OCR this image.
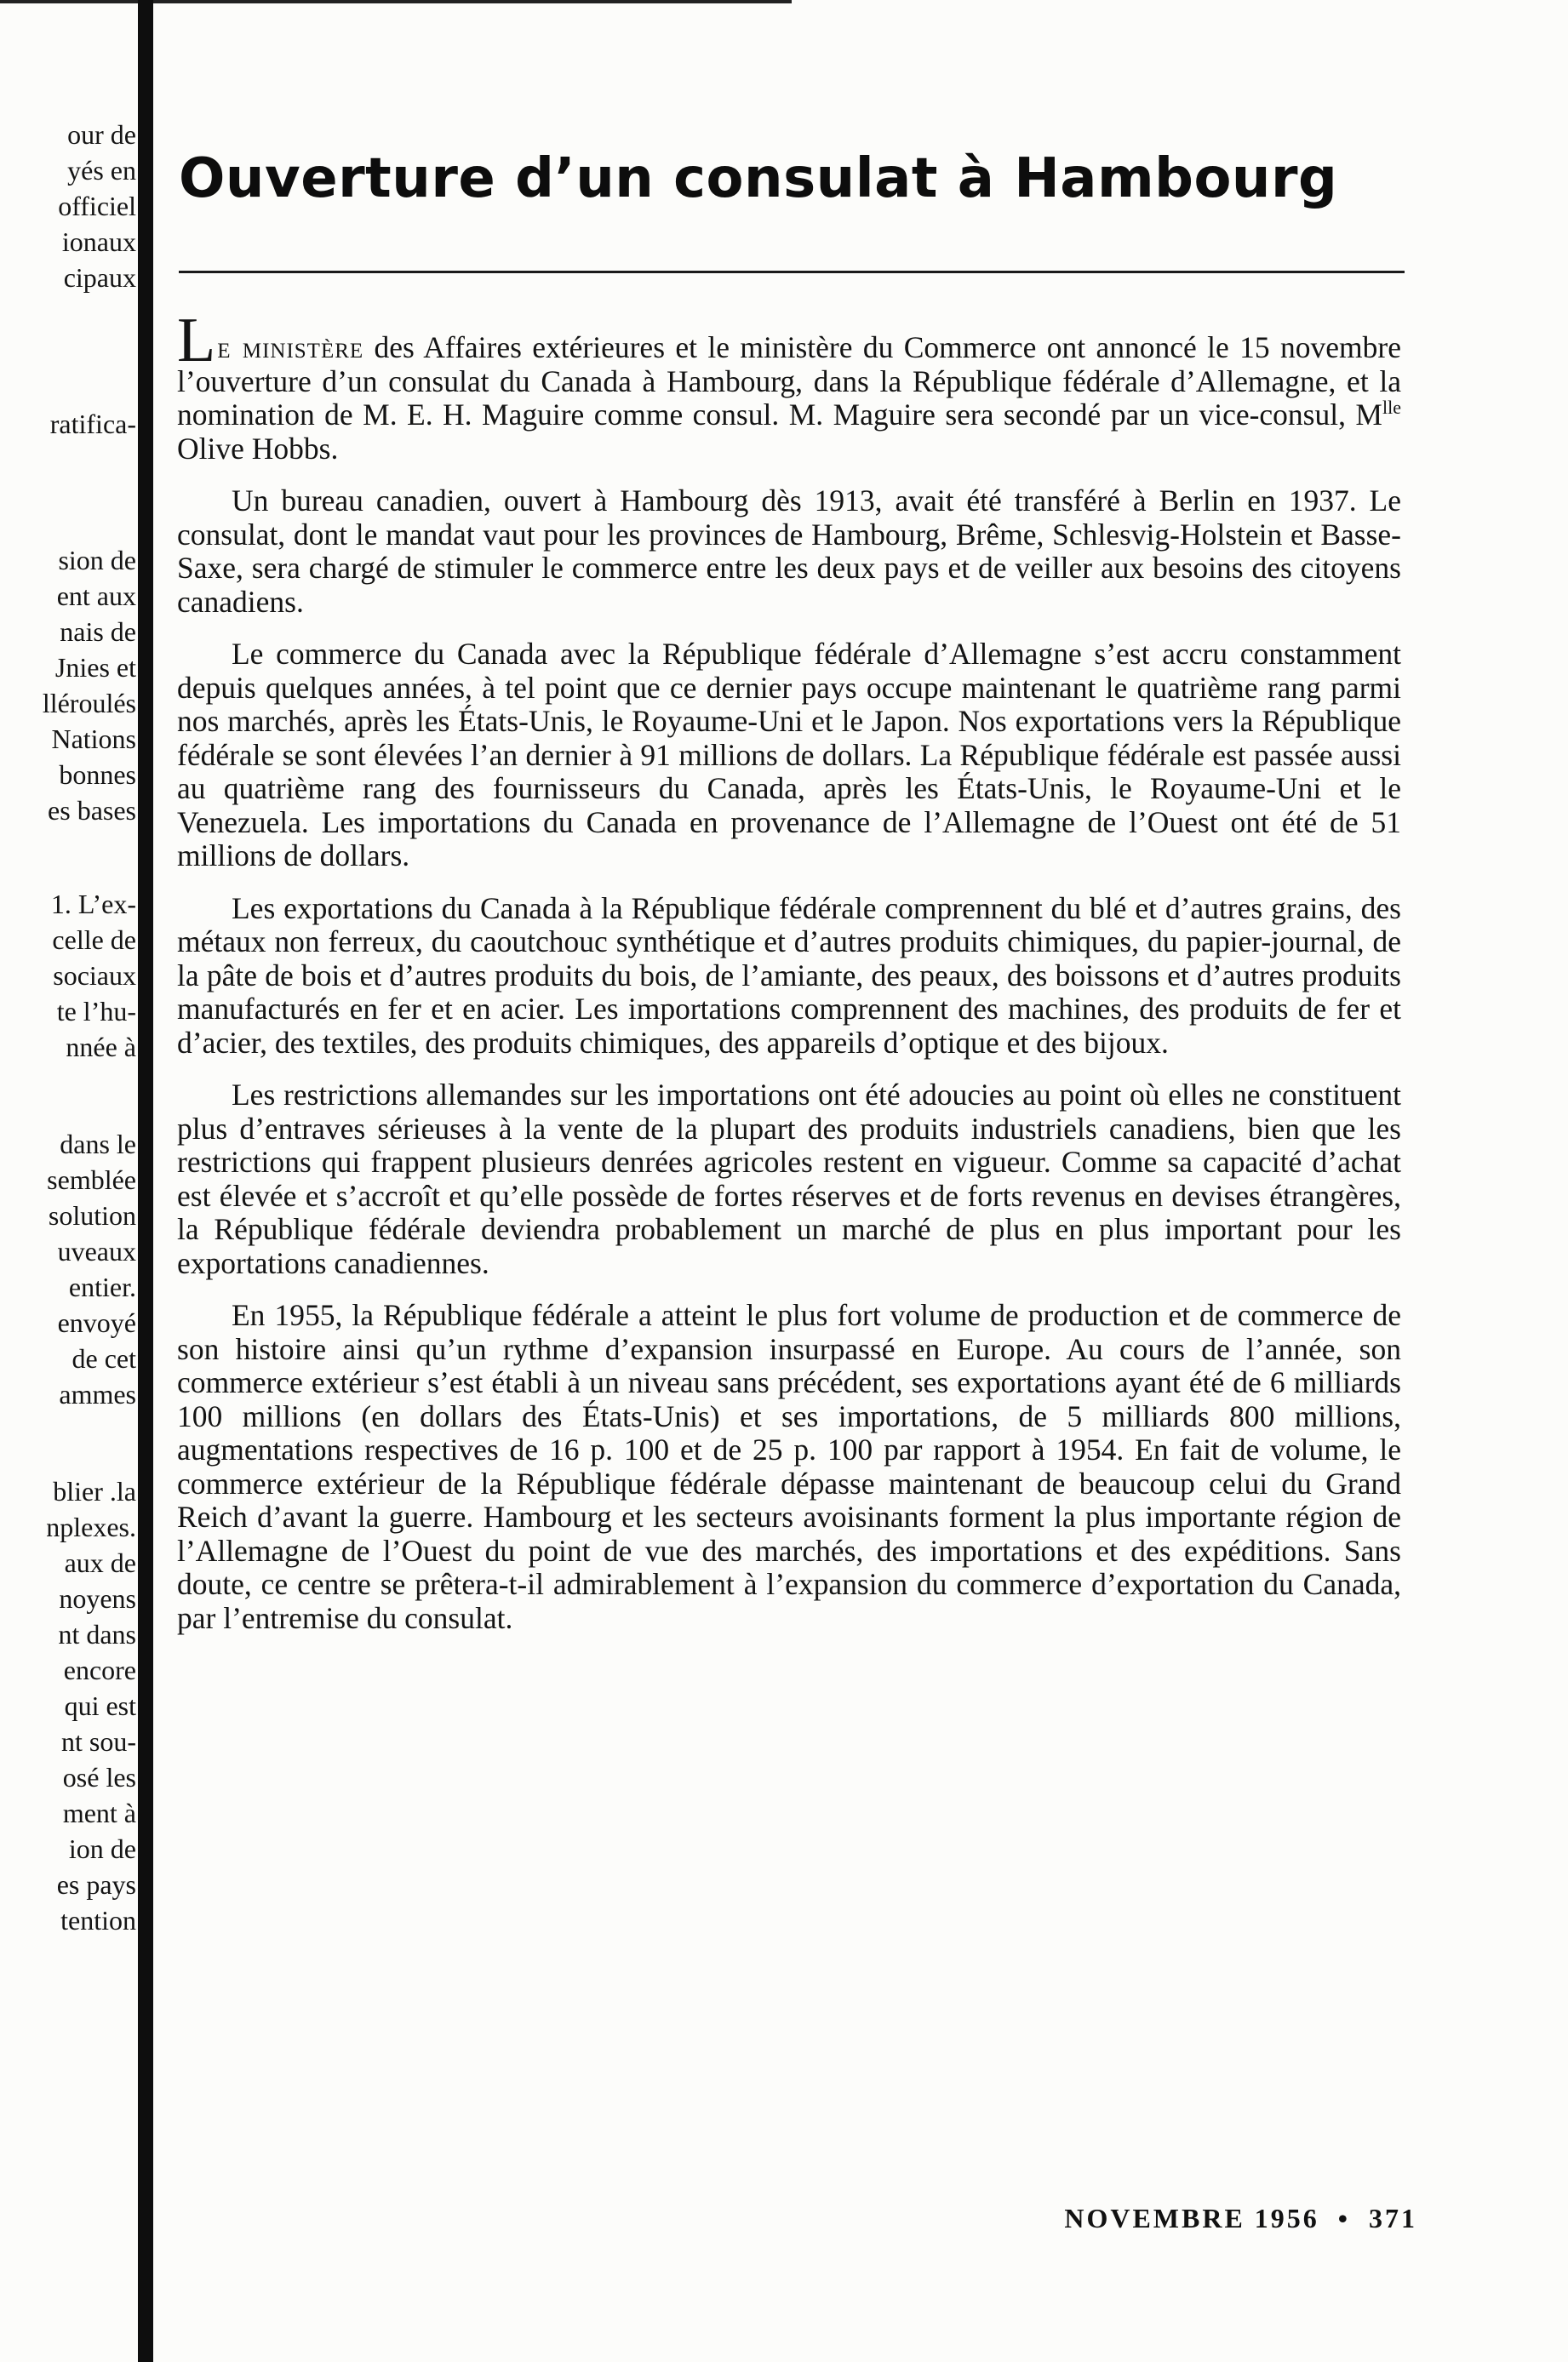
our de
yés en
officiel
ionaux
cipaux
ratifica-
sion de
ent aux
nais de
Jnies et
lléroulés
Nations
bonnes
es bases
1. L’ex-
celle de
sociaux
te l’hu-
nnée à
dans le
semblée
solution
uveaux
entier.
envoyé
de cet
ammes
blier .la
nplexes.
aux de
noyens
nt dans
encore
qui est
nt sou-
osé les
ment à
ion de
es pays
tention
Ouverture d’un consulat à Hambourg

Le ministère des Affaires extérieures et le ministère du Commerce ont annoncé le 15 novembre l’ouverture d’un consulat du Canada à Hambourg, dans la République fédérale d’Allemagne, et la nomination de M. E. H. Maguire comme consul. M. Maguire sera secondé par un vice-consul, $M^{lle}$ Olive Hobbs.

Un bureau canadien, ouvert à Hambourg dès 1913, avait été transféré à Berlin en 1937. Le consulat, dont le mandat vaut pour les provinces de Hambourg, Brême, Schlesvig-Holstein et Basse-Saxe, sera chargé de stimuler le commerce entre les deux pays et de veiller aux besoins des citoyens canadiens.

Le commerce du Canada avec la République fédérale d’Allemagne s’est accru constamment depuis quelques années, à tel point que ce dernier pays occupe maintenant le quatrième rang parmi nos marchés, après les États-Unis, le Royaume-Uni et le Japon. Nos exportations vers la République fédérale se sont élevées l’an dernier à 91 millions de dollars. La République fédérale est passée aussi au quatrième rang des fournisseurs du Canada, après les États-Unis, le Royaume-Uni et le Venezuela. Les importations du Canada en provenance de l’Allemagne de l’Ouest ont été de 51 millions de dollars.

Les exportations du Canada à la République fédérale comprennent du blé et d’autres grains, des métaux non ferreux, du caoutchouc synthétique et d’autres produits chimiques, du papier-journal, de la pâte de bois et d’autres produits du bois, de l’amiante, des peaux, des boissons et d’autres produits manufacturés en fer et en acier. Les importations comprennent des machines, des produits de fer et d’acier, des textiles, des produits chimiques, des appareils d’optique et des bijoux.

Les restrictions allemandes sur les importations ont été adoucies au point où elles ne constituent plus d’entraves sérieuses à la vente de la plupart des produits industriels canadiens, bien que les restrictions qui frappent plusieurs denrées agricoles restent en vigueur. Comme sa capacité d’achat est élevée et s’accroît et qu’elle possède de fortes réserves et de forts revenus en devises étrangères, la République fédérale deviendra probablement un marché de plus en plus important pour les exportations canadiennes.

En 1955, la République fédérale a atteint le plus fort volume de production et de commerce de son histoire ainsi qu’un rythme d’expansion insurpassé en Europe. Au cours de l’année, son commerce extérieur s’est établi à un niveau sans précédent, ses exportations ayant été de 6 milliards 100 millions (en dollars des États-Unis) et ses importations, de 5 milliards 800 millions, augmentations respectives de 16 p. 100 et de 25 p. 100 par rapport à 1954. En fait de volume, le commerce extérieur de la République fédérale dépasse maintenant de beaucoup celui du Grand Reich d’avant la guerre. Hambourg et les secteurs avoisinants forment la plus importante région de l’Allemagne de l’Ouest du point de vue des marchés, des importations et des expéditions. Sans doute, ce centre se prêtera-t-il admirablement à l’expansion du commerce d’exportation du Canada, par l’entremise du consulat.

NOVEMBRE 1956 • 371
